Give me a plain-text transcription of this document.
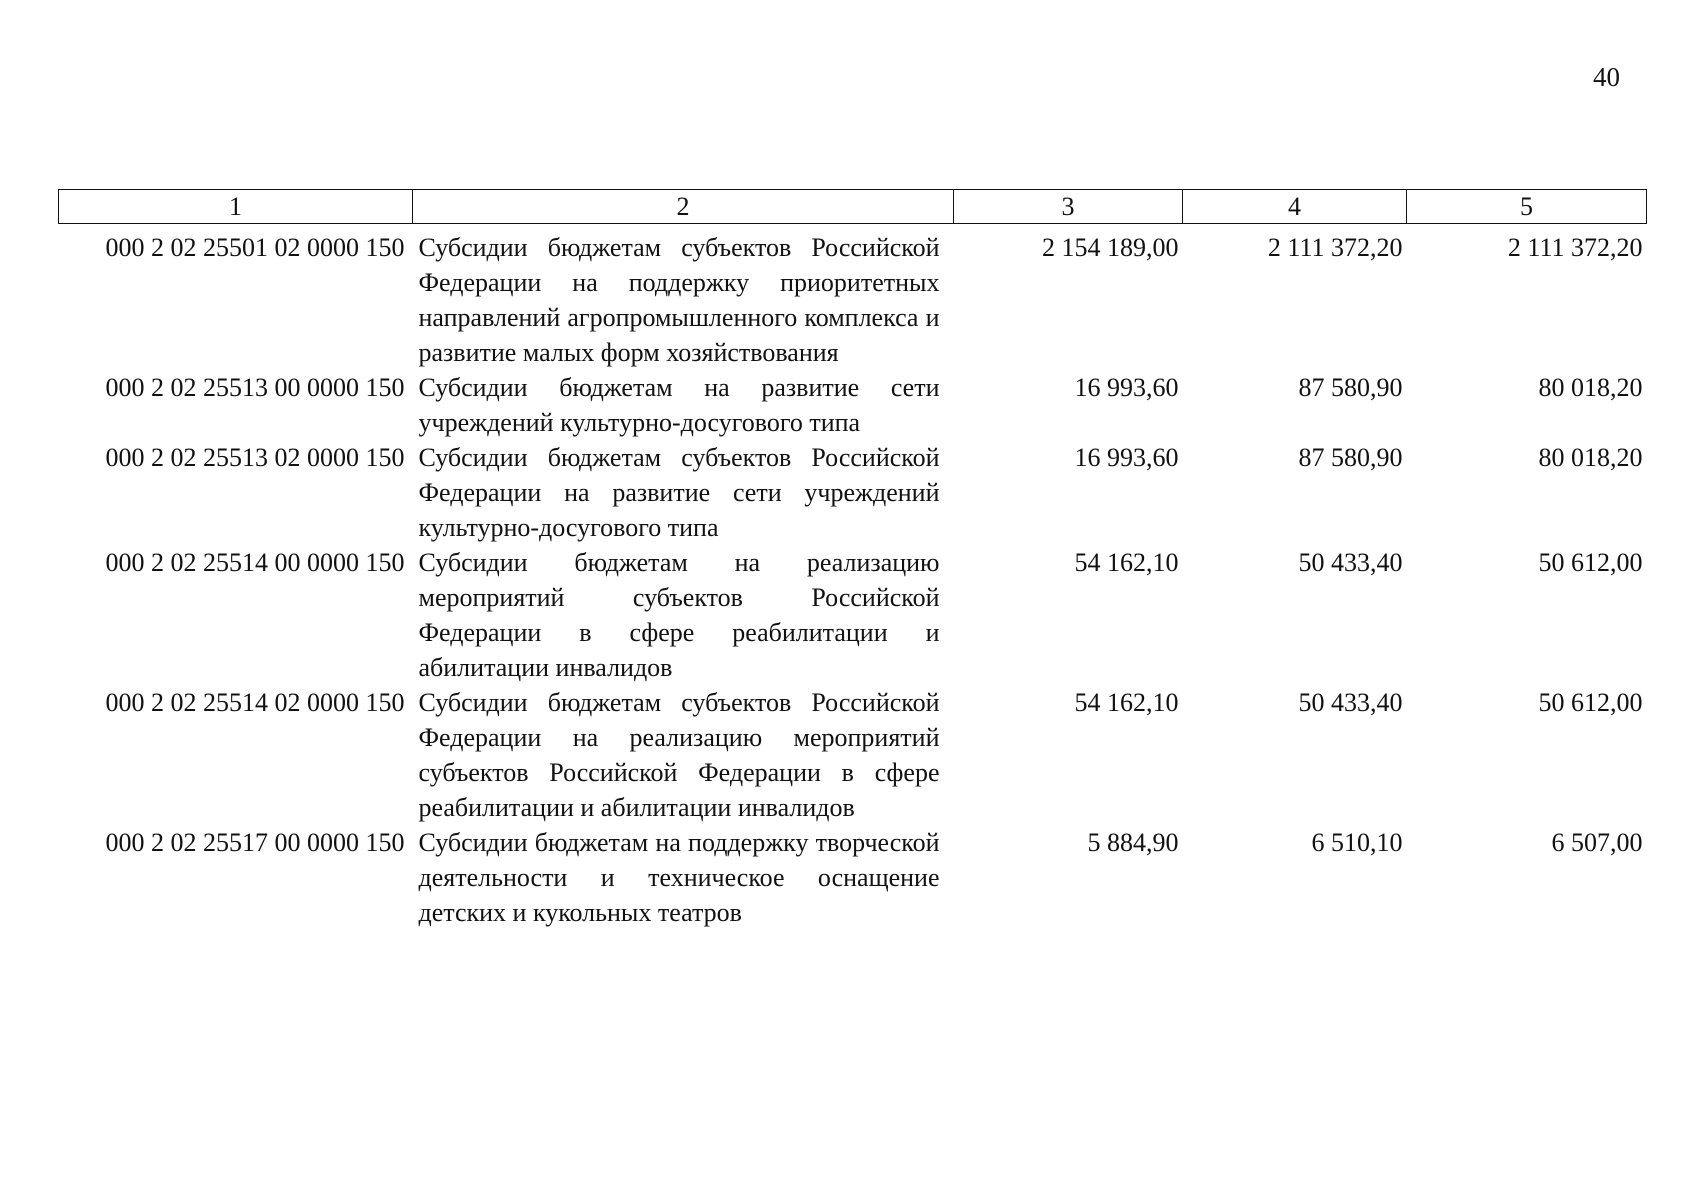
40
1	2	3	4	5
000 2 02 25501 02 0000 150	Субсидии бюджетам субъектов Российской Федерации на поддержку приоритетных направлений агропромышленного комплекса и развитие малых форм хозяйствования	2 154 189,00	2 111 372,20	2 111 372,20
000 2 02 25513 00 0000 150	Субсидии бюджетам на развитие сети учреждений культурно-досугового типа	16 993,60	87 580,90	80 018,20
000 2 02 25513 02 0000 150	Субсидии бюджетам субъектов Российской Федерации на развитие сети учреждений культурно-досугового типа	16 993,60	87 580,90	80 018,20
000 2 02 25514 00 0000 150	Субсидии бюджетам на реализацию мероприятий субъектов Российской Федерации в сфере реабилитации и абилитации инвалидов	54 162,10	50 433,40	50 612,00
000 2 02 25514 02 0000 150	Субсидии бюджетам субъектов Российской Федерации на реализацию мероприятий субъектов Российской Федерации в сфере реабилитации и абилитации инвалидов	54 162,10	50 433,40	50 612,00
000 2 02 25517 00 0000 150	Субсидии бюджетам на поддержку творческой деятельности и техническое оснащение детских и кукольных театров	5 884,90	6 510,10	6 507,00
